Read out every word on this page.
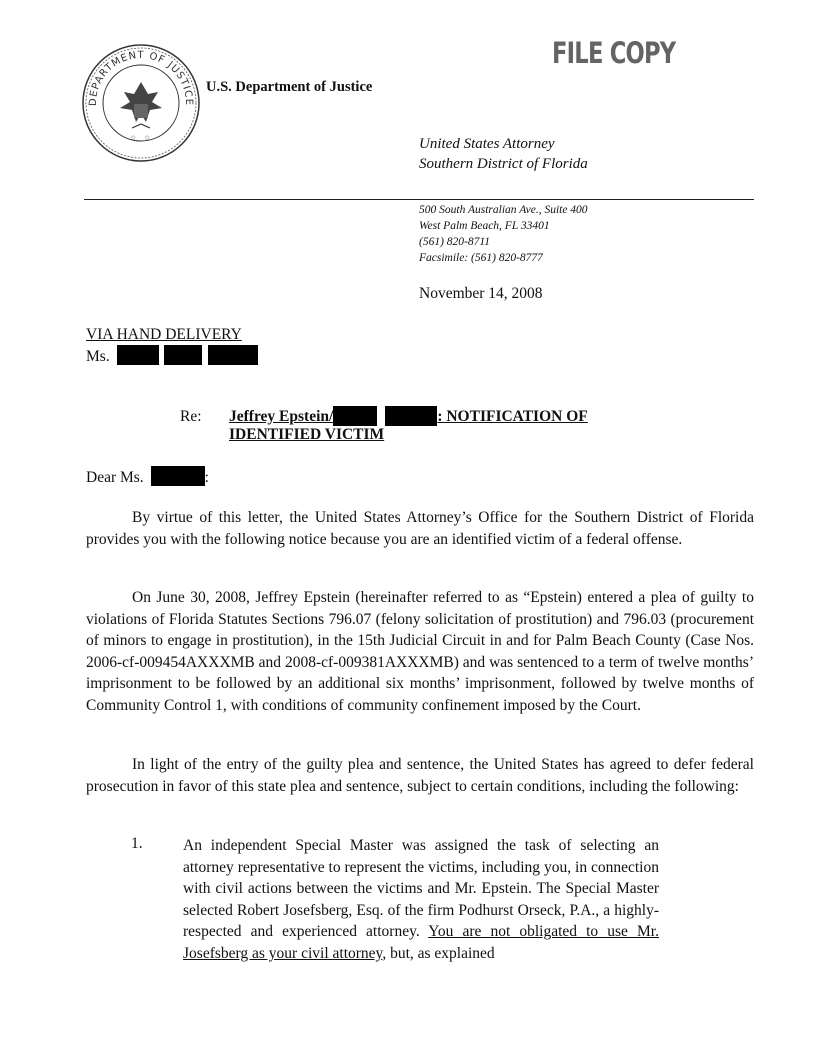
DEPARTMENT OF JUSTICE
☆ ☆
U.S. Department of Justice
FILE COPY
United States Attorney
Southern District of Florida
500 South Australian Ave., Suite 400
West Palm Beach, FL 33401
(561) 820-8711
Facsimile: (561) 820-8777
November 14, 2008
VIA HAND DELIVERY
Ms.
Re: Jeffrey Epstein/	: NOTIFICATION OF
IDENTIFIED VICTIM
Dear Ms.	:

By virtue of this letter, the United States Attorney’s Office for the Southern District of Florida provides you with the following notice because you are an identified victim of a federal offense.

On June 30, 2008, Jeffrey Epstein (hereinafter referred to as “Epstein) entered a plea of guilty to violations of Florida Statutes Sections 796.07 (felony solicitation of prostitution) and 796.03 (procurement of minors to engage in prostitution), in the 15th Judicial Circuit in and for Palm Beach County (Case Nos. 2006-cf-009454AXXXMB and 2008-cf-009381AXXXMB) and was sentenced to a term of twelve months’ imprisonment to be followed by an additional six months’ imprisonment, followed by twelve months of Community Control 1, with conditions of community confinement imposed by the Court.

In light of the entry of the guilty plea and sentence, the United States has agreed to defer federal prosecution in favor of this state plea and sentence, subject to certain conditions, including the following:

1.	An independent Special Master was assigned the task of selecting an attorney representative to represent the victims, including you, in connection with civil actions between the victims and Mr. Epstein. The Special Master selected Robert Josefsberg, Esq. of the firm Podhurst Orseck, P.A., a highly-respected and experienced attorney. You are not obligated to use Mr. Josefsberg as your civil attorney, but, as explained
